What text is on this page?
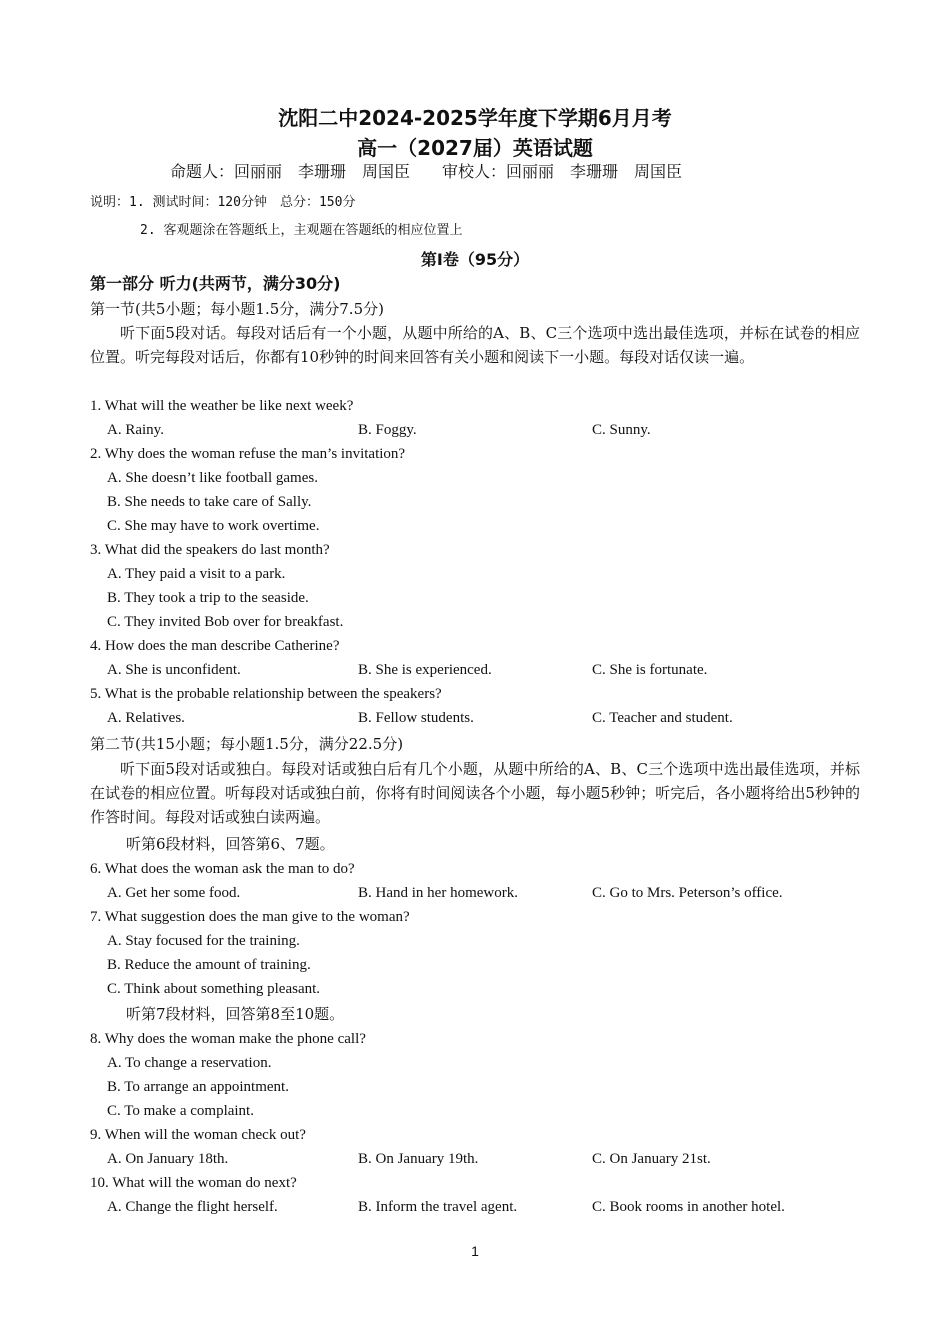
沈阳二中2024-2025学年度下学期6月月考
高一（2027届）英语试题
命题人：回丽丽　李珊珊　周国臣　　审校人：回丽丽　李珊珊　周国臣
说明：1. 测试时间：120分钟　总分：150分
2. 客观题涂在答题纸上，主观题在答题纸的相应位置上
第I卷（95分）
第一部分 听力(共两节，满分30分)
第一节(共5小题；每小题1.5分，满分7.5分)
听下面5段对话。每段对话后有一个小题，从题中所给的A、B、C三个选项中选出最佳选项，并标在试卷的相应位置。听完每段对话后，你都有10秒钟的时间来回答有关小题和阅读下一小题。每段对话仅读一遍。
1. What will the weather be like next week?
A. Rainy.	B. Foggy.	C. Sunny.
2. Why does the woman refuse the man’s invitation?
A. She doesn’t like football games.
B. She needs to take care of Sally.
C. She may have to work overtime.
3. What did the speakers do last month?
A. They paid a visit to a park.
B. They took a trip to the seaside.
C. They invited Bob over for breakfast.
4. How does the man describe Catherine?
A. She is unconfident.	B. She is experienced.	C. She is fortunate.
5. What is the probable relationship between the speakers?
A. Relatives.	B. Fellow students.	C. Teacher and student.
第二节(共15小题；每小题1.5分，满分22.5分)
听下面5段对话或独白。每段对话或独白后有几个小题，从题中所给的A、B、C三个选项中选出最佳选项，并标在试卷的相应位置。听每段对话或独白前，你将有时间阅读各个小题，每小题5秒钟；听完后，各小题将给出5秒钟的作答时间。每段对话或独白读两遍。
听第6段材料，回答第6、7题。
6. What does the woman ask the man to do?
A. Get her some food.	B. Hand in her homework.	C. Go to Mrs. Peterson’s office.
7. What suggestion does the man give to the woman?
A. Stay focused for the training.
B. Reduce the amount of training.
C. Think about something pleasant.
听第7段材料，回答第8至10题。
8. Why does the woman make the phone call?
A. To change a reservation.
B. To arrange an appointment.
C. To make a complaint.
9. When will the woman check out?
A. On January 18th.	B. On January 19th.	C. On January 21st.
10. What will the woman do next?
A. Change the flight herself.	B. Inform the travel agent.	C. Book rooms in another hotel.
1
